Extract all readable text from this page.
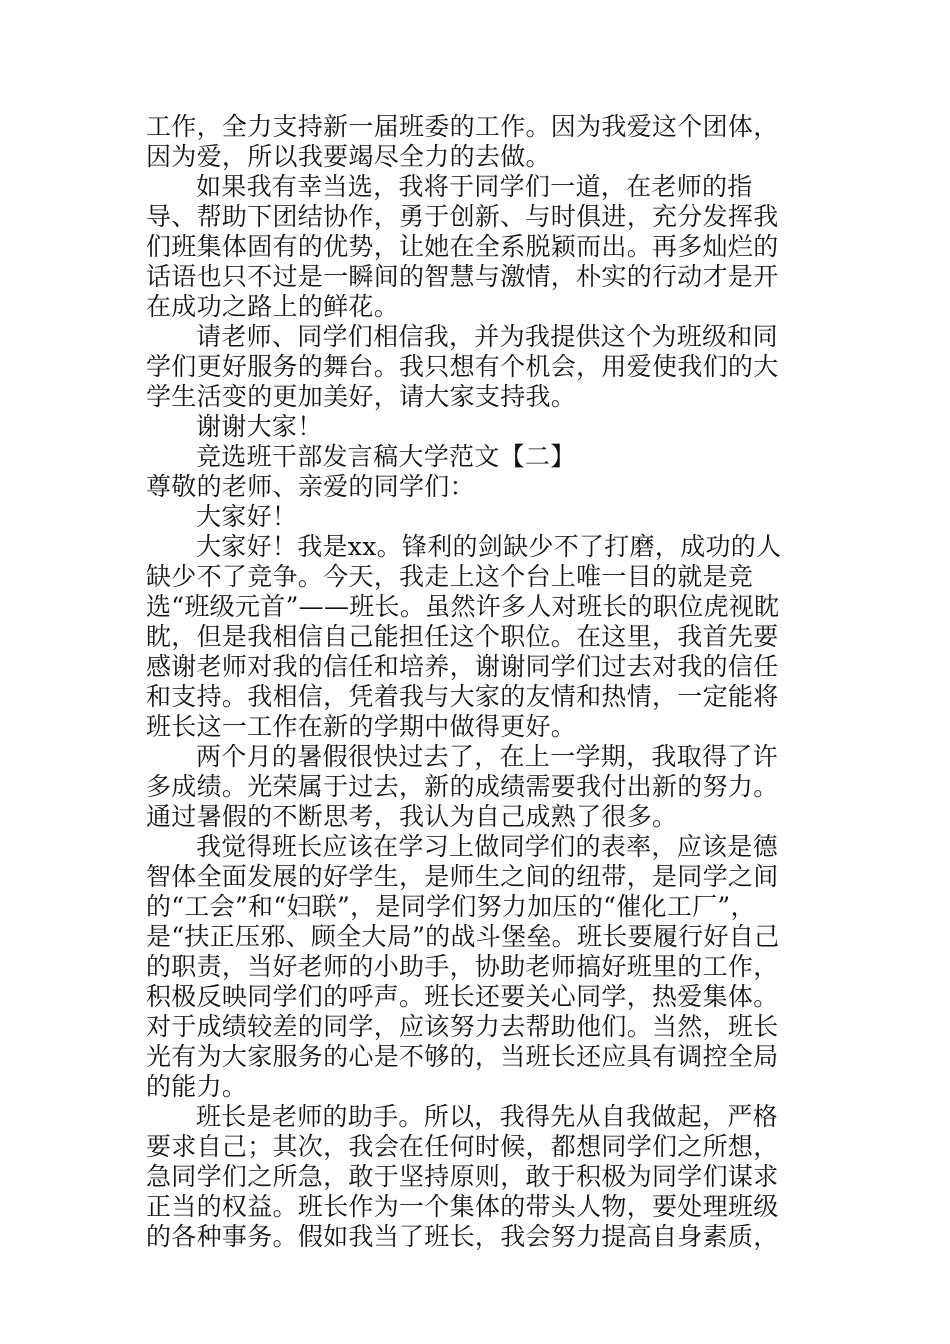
工作，全力支持新一届班委的工作。因为我爱这个团体，因为爱，所以我要竭尽全力的去做。

如果我有幸当选，我将于同学们一道，在老师的指导、帮助下团结协作，勇于创新、与时俱进，充分发挥我们班集体固有的优势，让她在全系脱颖而出。再多灿烂的话语也只不过是一瞬间的智慧与激情，朴实的行动才是开在成功之路上的鲜花。

请老师、同学们相信我，并为我提供这个为班级和同学们更好服务的舞台。我只想有个机会，用爱使我们的大学生活变的更加美好，请大家支持我。

谢谢大家！

竞选班干部发言稿大学范文【二】

尊敬的老师、亲爱的同学们：

大家好！

大家好！我是xx。锋利的剑缺少不了打磨，成功的人缺少不了竞争。今天，我走上这个台上唯一目的就是竞选“班级元首”——班长。虽然许多人对班长的职位虎视眈眈，但是我相信自己能担任这个职位。在这里，我首先要感谢老师对我的信任和培养，谢谢同学们过去对我的信任和支持。我相信，凭着我与大家的友情和热情，一定能将班长这一工作在新的学期中做得更好。

两个月的暑假很快过去了，在上一学期，我取得了许多成绩。光荣属于过去，新的成绩需要我付出新的努力。通过暑假的不断思考，我认为自己成熟了很多。

我觉得班长应该在学习上做同学们的表率，应该是德智体全面发展的好学生，是师生之间的纽带，是同学之间的“工会”和“妇联”，是同学们努力加压的“催化工厂”，是“扶正压邪、顾全大局”的战斗堡垒。班长要履行好自己的职责，当好老师的小助手，协助老师搞好班里的工作，积极反映同学们的呼声。班长还要关心同学，热爱集体。对于成绩较差的同学，应该努力去帮助他们。当然，班长光有为大家服务的心是不够的，当班长还应具有调控全局的能力。

班长是老师的助手。所以，我得先从自我做起，严格要求自己；其次，我会在任何时候，都想同学们之所想，急同学们之所急，敢于坚持原则，敢于积极为同学们谋求正当的权益。班长作为一个集体的带头人物，要处理班级的各种事务。假如我当了班长，我会努力提高自身素质，
